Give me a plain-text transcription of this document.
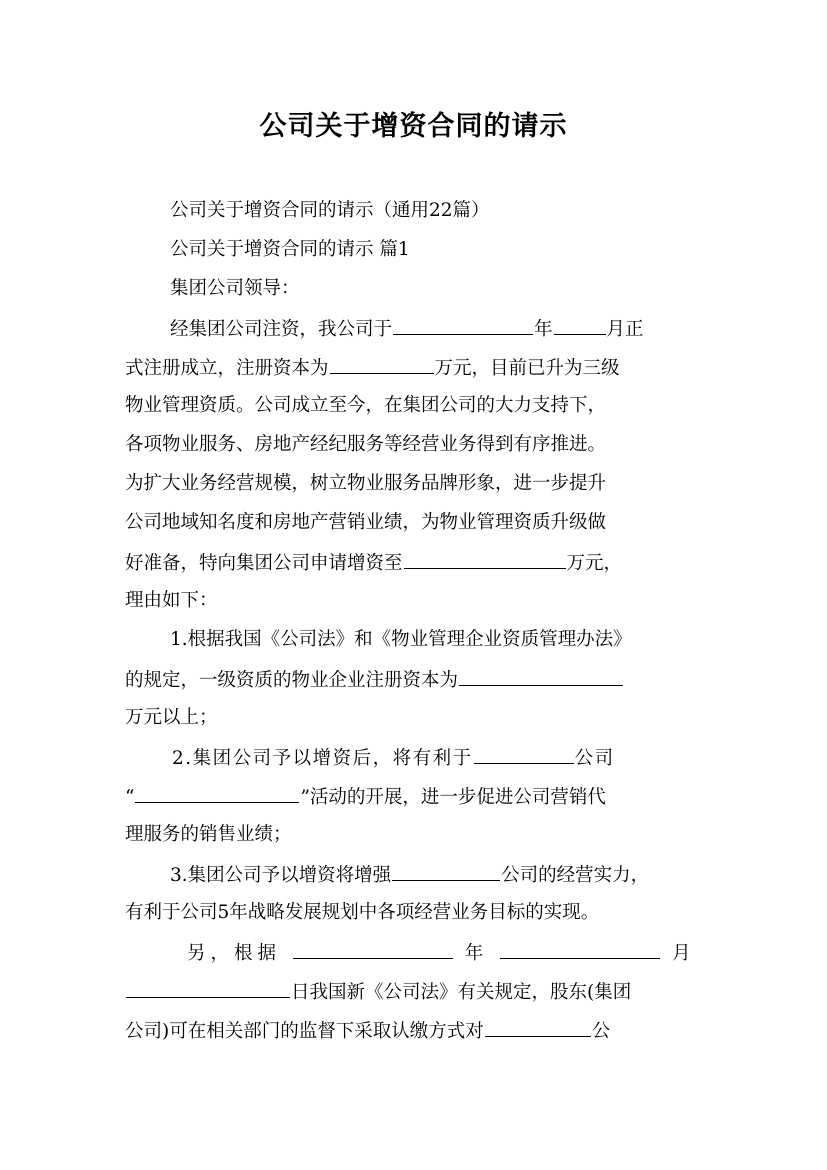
公司关于增资合同的请示
公司关于增资合同的请示（通用22篇）
公司关于增资合同的请示 篇1
集团公司领导：
经集团公司注资，我公司于	年	月正
式注册成立，注册资本为	万元，目前已升为三级
物业管理资质。公司成立至今，在集团公司的大力支持下，
各项物业服务、房地产经纪服务等经营业务得到有序推进。
为扩大业务经营规模，树立物业服务品牌形象，进一步提升
公司地域知名度和房地产营销业绩，为物业管理资质升级做
好准备，特向集团公司申请增资至	万元，
理由如下：
1.根据我国《公司法》和《物业管理企业资质管理办法》
的规定，一级资质的物业企业注册资本为
万元以上；
2.集团公司予以增资后，将有利于	公司
“	”活动的开展，进一步促进公司营销代
理服务的销售业绩；
3.集团公司予以增资将增强	公司的经营实力，
有利于公司5年战略发展规划中各项经营业务目标的实现。
另，根据	年	月
日我国新《公司法》有关规定，股东(集团
公司)可在相关部门的监督下采取认缴方式对	公
